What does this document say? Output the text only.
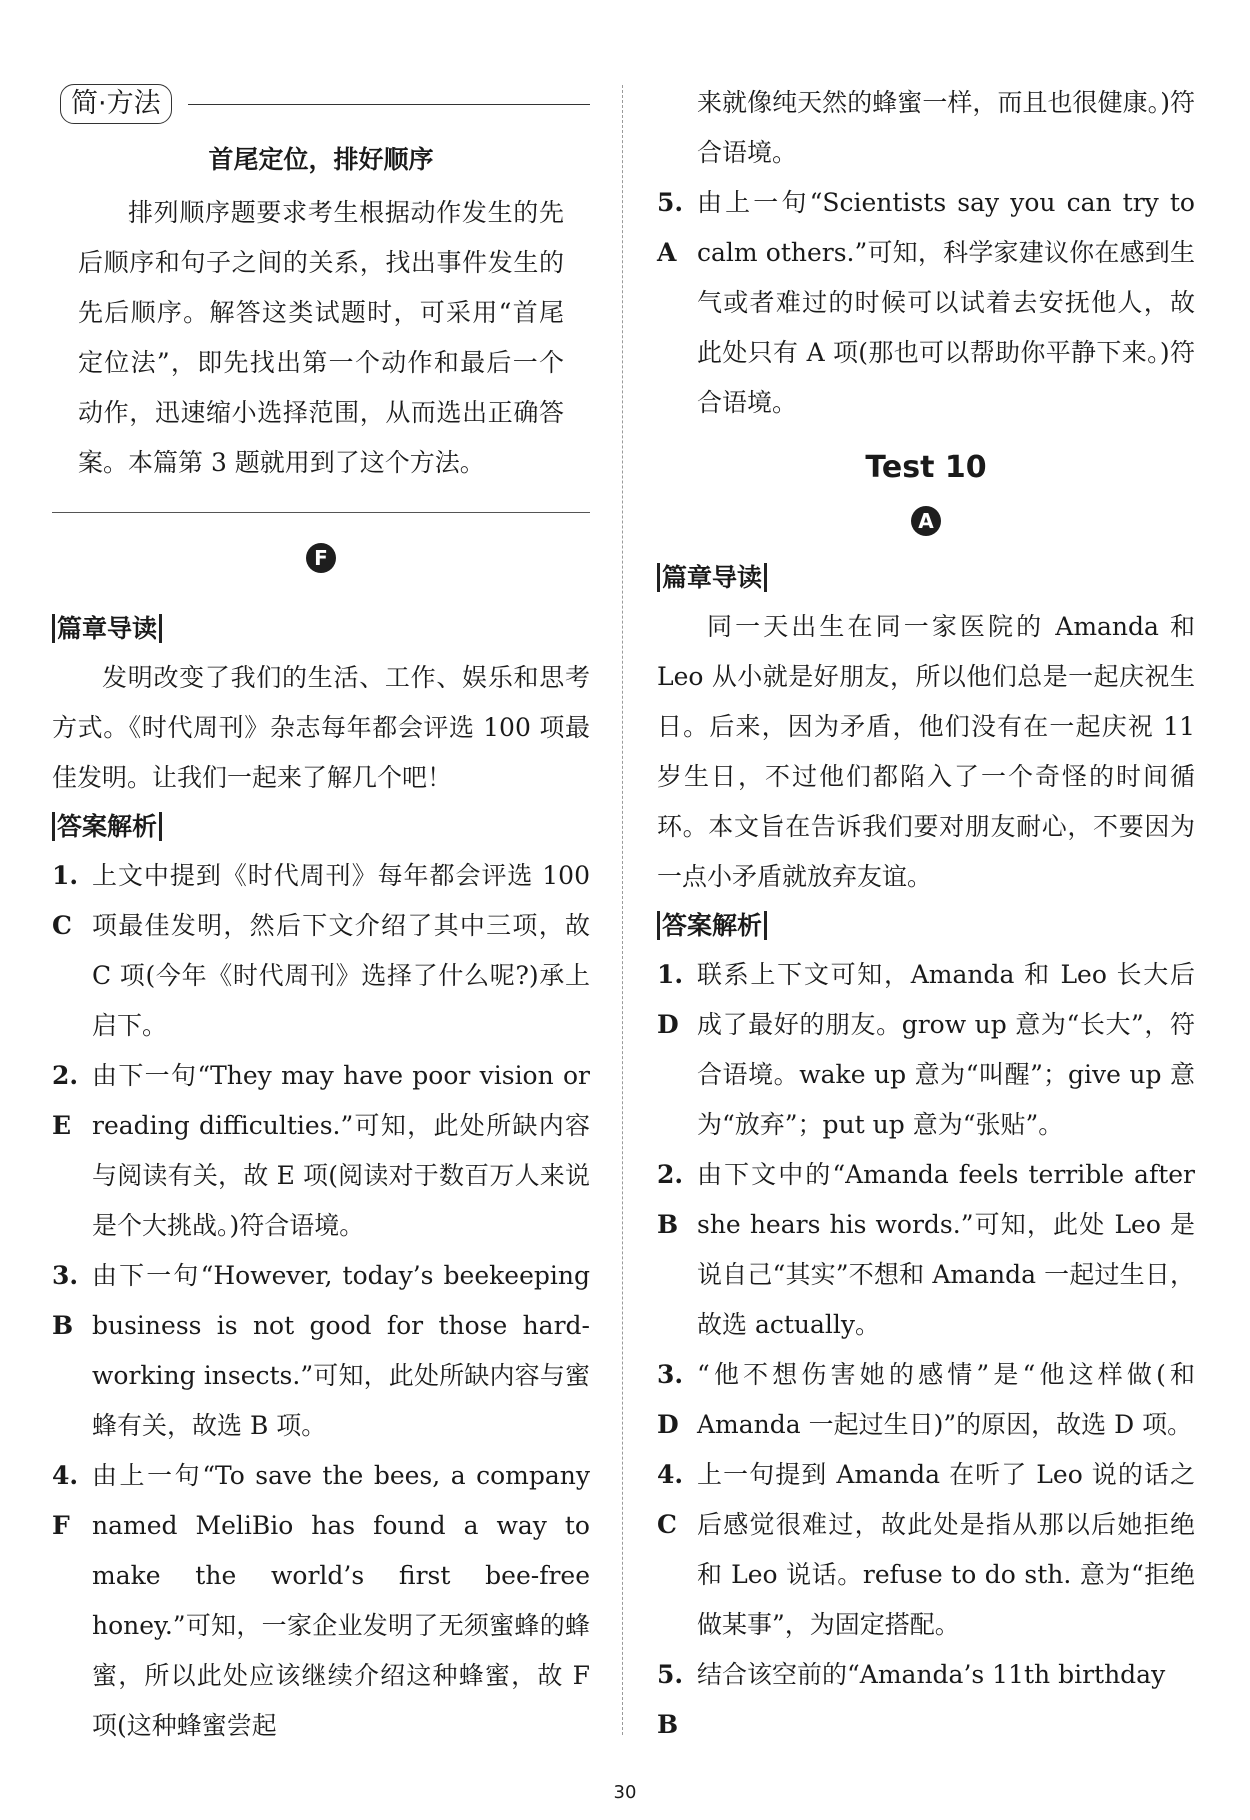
简·方法

首尾定位，排好顺序

排列顺序题要求考生根据动作发生的先后顺序和句子之间的关系，找出事件发生的先后顺序。解答这类试题时，可采用“首尾定位法”，即先找出第一个动作和最后一个动作，迅速缩小选择范围，从而选出正确答案。本篇第 3 题就用到了这个方法。

F

篇章导读

发明改变了我们的生活、工作、娱乐和思考方式。《时代周刊》杂志每年都会评选 100 项最佳发明。让我们一起来了解几个吧！

答案解析

1. C

上文中提到《时代周刊》每年都会评选 100 项最佳发明，然后下文介绍了其中三项，故 C 项(今年《时代周刊》选择了什么呢?)承上启下。

2. E

由下一句“They may have poor vision or reading difficulties.”可知，此处所缺内容与阅读有关，故 E 项(阅读对于数百万人来说是个大挑战。)符合语境。

3. B

由下一句“However, today’s beekeeping business is not good for those hard-working insects.”可知，此处所缺内容与蜜蜂有关，故选 B 项。

4. F

由上一句“To save the bees, a company named MeliBio has found a way to make the world’s first bee-free honey.”可知，一家企业发明了无须蜜蜂的蜂蜜，所以此处应该继续介绍这种蜂蜜，故 F 项(这种蜂蜜尝起

来就像纯天然的蜂蜜一样，而且也很健康。)符合语境。

5. A

由上一句“Scientists say you can try to calm others.”可知，科学家建议你在感到生气或者难过的时候可以试着去安抚他人，故此处只有 A 项(那也可以帮助你平静下来。)符合语境。

Test 10

A

篇章导读

同一天出生在同一家医院的 Amanda 和 Leo 从小就是好朋友，所以他们总是一起庆祝生日。后来，因为矛盾，他们没有在一起庆祝 11 岁生日，不过他们都陷入了一个奇怪的时间循环。本文旨在告诉我们要对朋友耐心，不要因为一点小矛盾就放弃友谊。

答案解析

1. D

联系上下文可知，Amanda 和 Leo 长大后成了最好的朋友。grow up 意为“长大”，符合语境。wake up 意为“叫醒”；give up 意为“放弃”；put up 意为“张贴”。

2. B

由下文中的“Amanda feels terrible after she hears his words.”可知，此处 Leo 是说自己“其实”不想和 Amanda 一起过生日，故选 actually。

3. D

“他不想伤害她的感情”是“他这样做(和 Amanda 一起过生日)”的原因，故选 D 项。

4. C

上一句提到 Amanda 在听了 Leo 说的话之后感觉很难过，故此处是指从那以后她拒绝和 Leo 说话。refuse to do sth. 意为“拒绝做某事”，为固定搭配。

5. B

结合该空前的“Amanda’s 11th birthday

30
